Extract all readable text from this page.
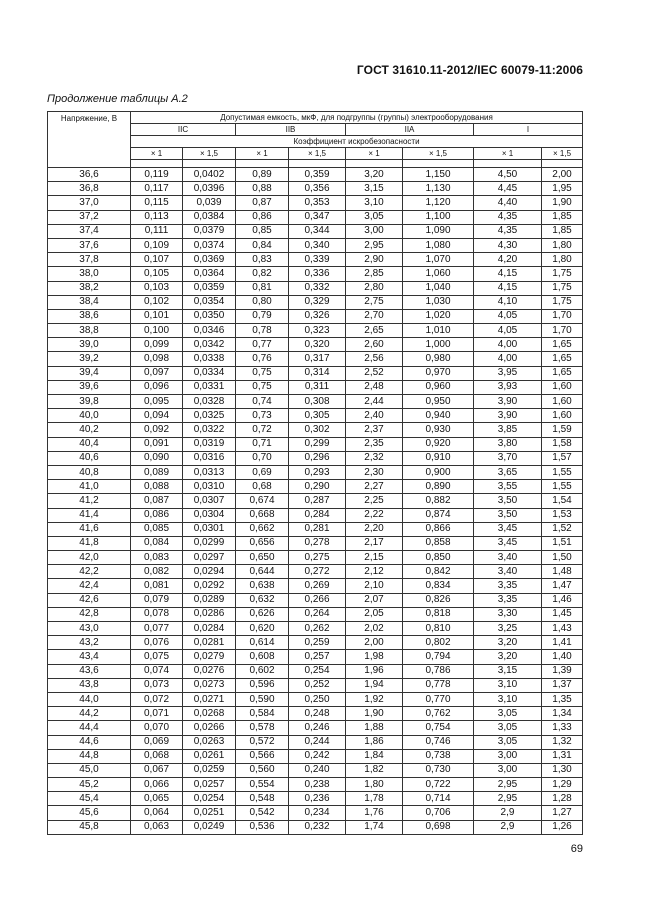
ГОСТ 31610.11-2012/IEC 60079-11:2006
Продолжение таблицы А.2
Напряжение, В	Допустимая емкость, мкФ, для подгруппы (группы) электрооборудования							
	IIC		IIB		IIA		I	
	Коэффициент искробезопасности							
	× 1	× 1,5	× 1	× 1,5	× 1	× 1,5	× 1	× 1,5

36,6	0,119	0,0402	0,89	0,359	3,20	1,150	4,50	2,00
36,8	0,117	0,0396	0,88	0,356	3,15	1,130	4,45	1,95
37,0	0,115	0,039	0,87	0,353	3,10	1,120	4,40	1,90
37,2	0,113	0,0384	0,86	0,347	3,05	1,100	4,35	1,85
37,4	0,111	0,0379	0,85	0,344	3,00	1,090	4,35	1,85
37,6	0,109	0,0374	0,84	0,340	2,95	1,080	4,30	1,80
37,8	0,107	0,0369	0,83	0,339	2,90	1,070	4,20	1,80
38,0	0,105	0,0364	0,82	0,336	2,85	1,060	4,15	1,75
38,2	0,103	0,0359	0,81	0,332	2,80	1,040	4,15	1,75
38,4	0,102	0,0354	0,80	0,329	2,75	1,030	4,10	1,75
38,6	0,101	0,0350	0,79	0,326	2,70	1,020	4,05	1,70
38,8	0,100	0,0346	0,78	0,323	2,65	1,010	4,05	1,70
39,0	0,099	0,0342	0,77	0,320	2,60	1,000	4,00	1,65
39,2	0,098	0,0338	0,76	0,317	2,56	0,980	4,00	1,65
39,4	0,097	0,0334	0,75	0,314	2,52	0,970	3,95	1,65
39,6	0,096	0,0331	0,75	0,311	2,48	0,960	3,93	1,60
39,8	0,095	0,0328	0,74	0,308	2,44	0,950	3,90	1,60
40,0	0,094	0,0325	0,73	0,305	2,40	0,940	3,90	1,60
40,2	0,092	0,0322	0,72	0,302	2,37	0,930	3,85	1,59
40,4	0,091	0,0319	0,71	0,299	2,35	0,920	3,80	1,58
40,6	0,090	0,0316	0,70	0,296	2,32	0,910	3,70	1,57
40,8	0,089	0,0313	0,69	0,293	2,30	0,900	3,65	1,55
41,0	0,088	0,0310	0,68	0,290	2,27	0,890	3,55	1,55
41,2	0,087	0,0307	0,674	0,287	2,25	0,882	3,50	1,54
41,4	0,086	0,0304	0,668	0,284	2,22	0,874	3,50	1,53
41,6	0,085	0,0301	0,662	0,281	2,20	0,866	3,45	1,52
41,8	0,084	0,0299	0,656	0,278	2,17	0,858	3,45	1,51
42,0	0,083	0,0297	0,650	0,275	2,15	0,850	3,40	1,50
42,2	0,082	0,0294	0,644	0,272	2,12	0,842	3,40	1,48
42,4	0,081	0,0292	0,638	0,269	2,10	0,834	3,35	1,47
42,6	0,079	0,0289	0,632	0,266	2,07	0,826	3,35	1,46
42,8	0,078	0,0286	0,626	0,264	2,05	0,818	3,30	1,45
43,0	0,077	0,0284	0,620	0,262	2,02	0,810	3,25	1,43
43,2	0,076	0,0281	0,614	0,259	2,00	0,802	3,20	1,41
43,4	0,075	0,0279	0,608	0,257	1,98	0,794	3,20	1,40
43,6	0,074	0,0276	0,602	0,254	1,96	0,786	3,15	1,39
43,8	0,073	0,0273	0,596	0,252	1,94	0,778	3,10	1,37
44,0	0,072	0,0271	0,590	0,250	1,92	0,770	3,10	1,35
44,2	0,071	0,0268	0,584	0,248	1,90	0,762	3,05	1,34
44,4	0,070	0,0266	0,578	0,246	1,88	0,754	3,05	1,33
44,6	0,069	0,0263	0,572	0,244	1,86	0,746	3,05	1,32
44,8	0,068	0,0261	0,566	0,242	1,84	0,738	3,00	1,31
45,0	0,067	0,0259	0,560	0,240	1,82	0,730	3,00	1,30
45,2	0,066	0,0257	0,554	0,238	1,80	0,722	2,95	1,29
45,4	0,065	0,0254	0,548	0,236	1,78	0,714	2,95	1,28
45,6	0,064	0,0251	0,542	0,234	1,76	0,706	2,9	1,27
45,8	0,063	0,0249	0,536	0,232	1,74	0,698	2,9	1,26
69
